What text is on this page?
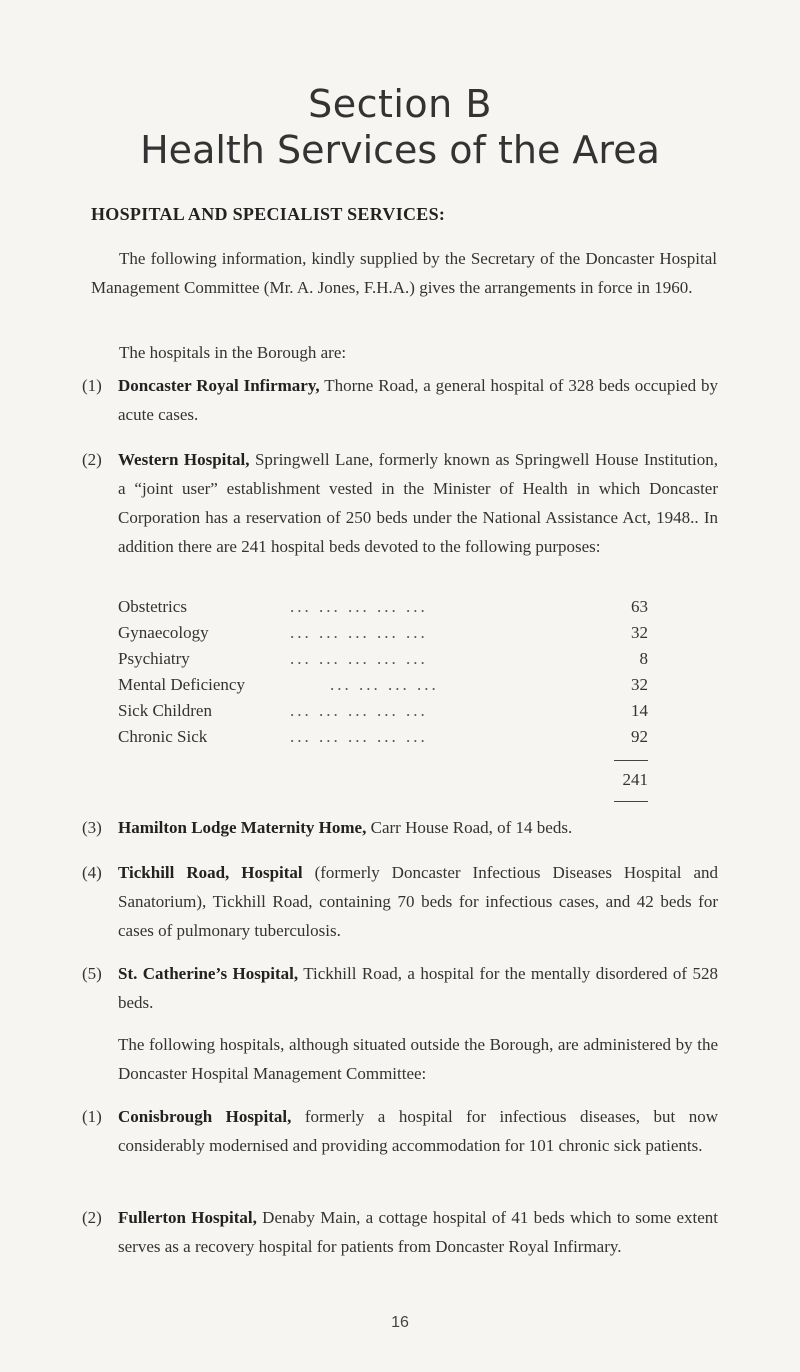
Section B
Health Services of the Area
HOSPITAL AND SPECIALIST SERVICES:
The following information, kindly supplied by the Secretary of the Doncaster Hospital Management Committee (Mr. A. Jones, F.H.A.) gives the arrangements in force in 1960.
The hospitals in the Borough are:
(1) Doncaster Royal Infirmary, Thorne Road, a general hospital of 328 beds occupied by acute cases.
(2) Western Hospital, Springwell Lane, formerly known as Springwell House Institution, a “joint user” establishment vested in the Minister of Health in which Doncaster Corporation has a reservation of 250 beds under the National Assistance Act, 1948.. In addition there are 241 hospital beds devoted to the following purposes:
Obstetrics	... ... ... ... ...	63
Gynaecology	... ... ... ... ...	32
Psychiatry	... ... ... ... ...	8
Mental Deficiency	... ... ... ...	32
Sick Children	... ... ... ... ...	14
Chronic Sick	... ... ... ... ...	92
241
(3) Hamilton Lodge Maternity Home, Carr House Road, of 14 beds.
(4) Tickhill Road, Hospital (formerly Doncaster Infectious Diseases Hospital and Sanatorium), Tickhill Road, containing 70 beds for infectious cases, and 42 beds for cases of pulmonary tuberculosis.
(5) St. Catherine’s Hospital, Tickhill Road, a hospital for the mentally disordered of 528 beds.
The following hospitals, although situated outside the Borough, are administered by the Doncaster Hospital Management Committee:
(1) Conisbrough Hospital, formerly a hospital for infectious diseases, but now considerably modernised and providing accommodation for 101 chronic sick patients.
(2) Fullerton Hospital, Denaby Main, a cottage hospital of 41 beds which to some extent serves as a recovery hospital for patients from Doncaster Royal Infirmary.
16
